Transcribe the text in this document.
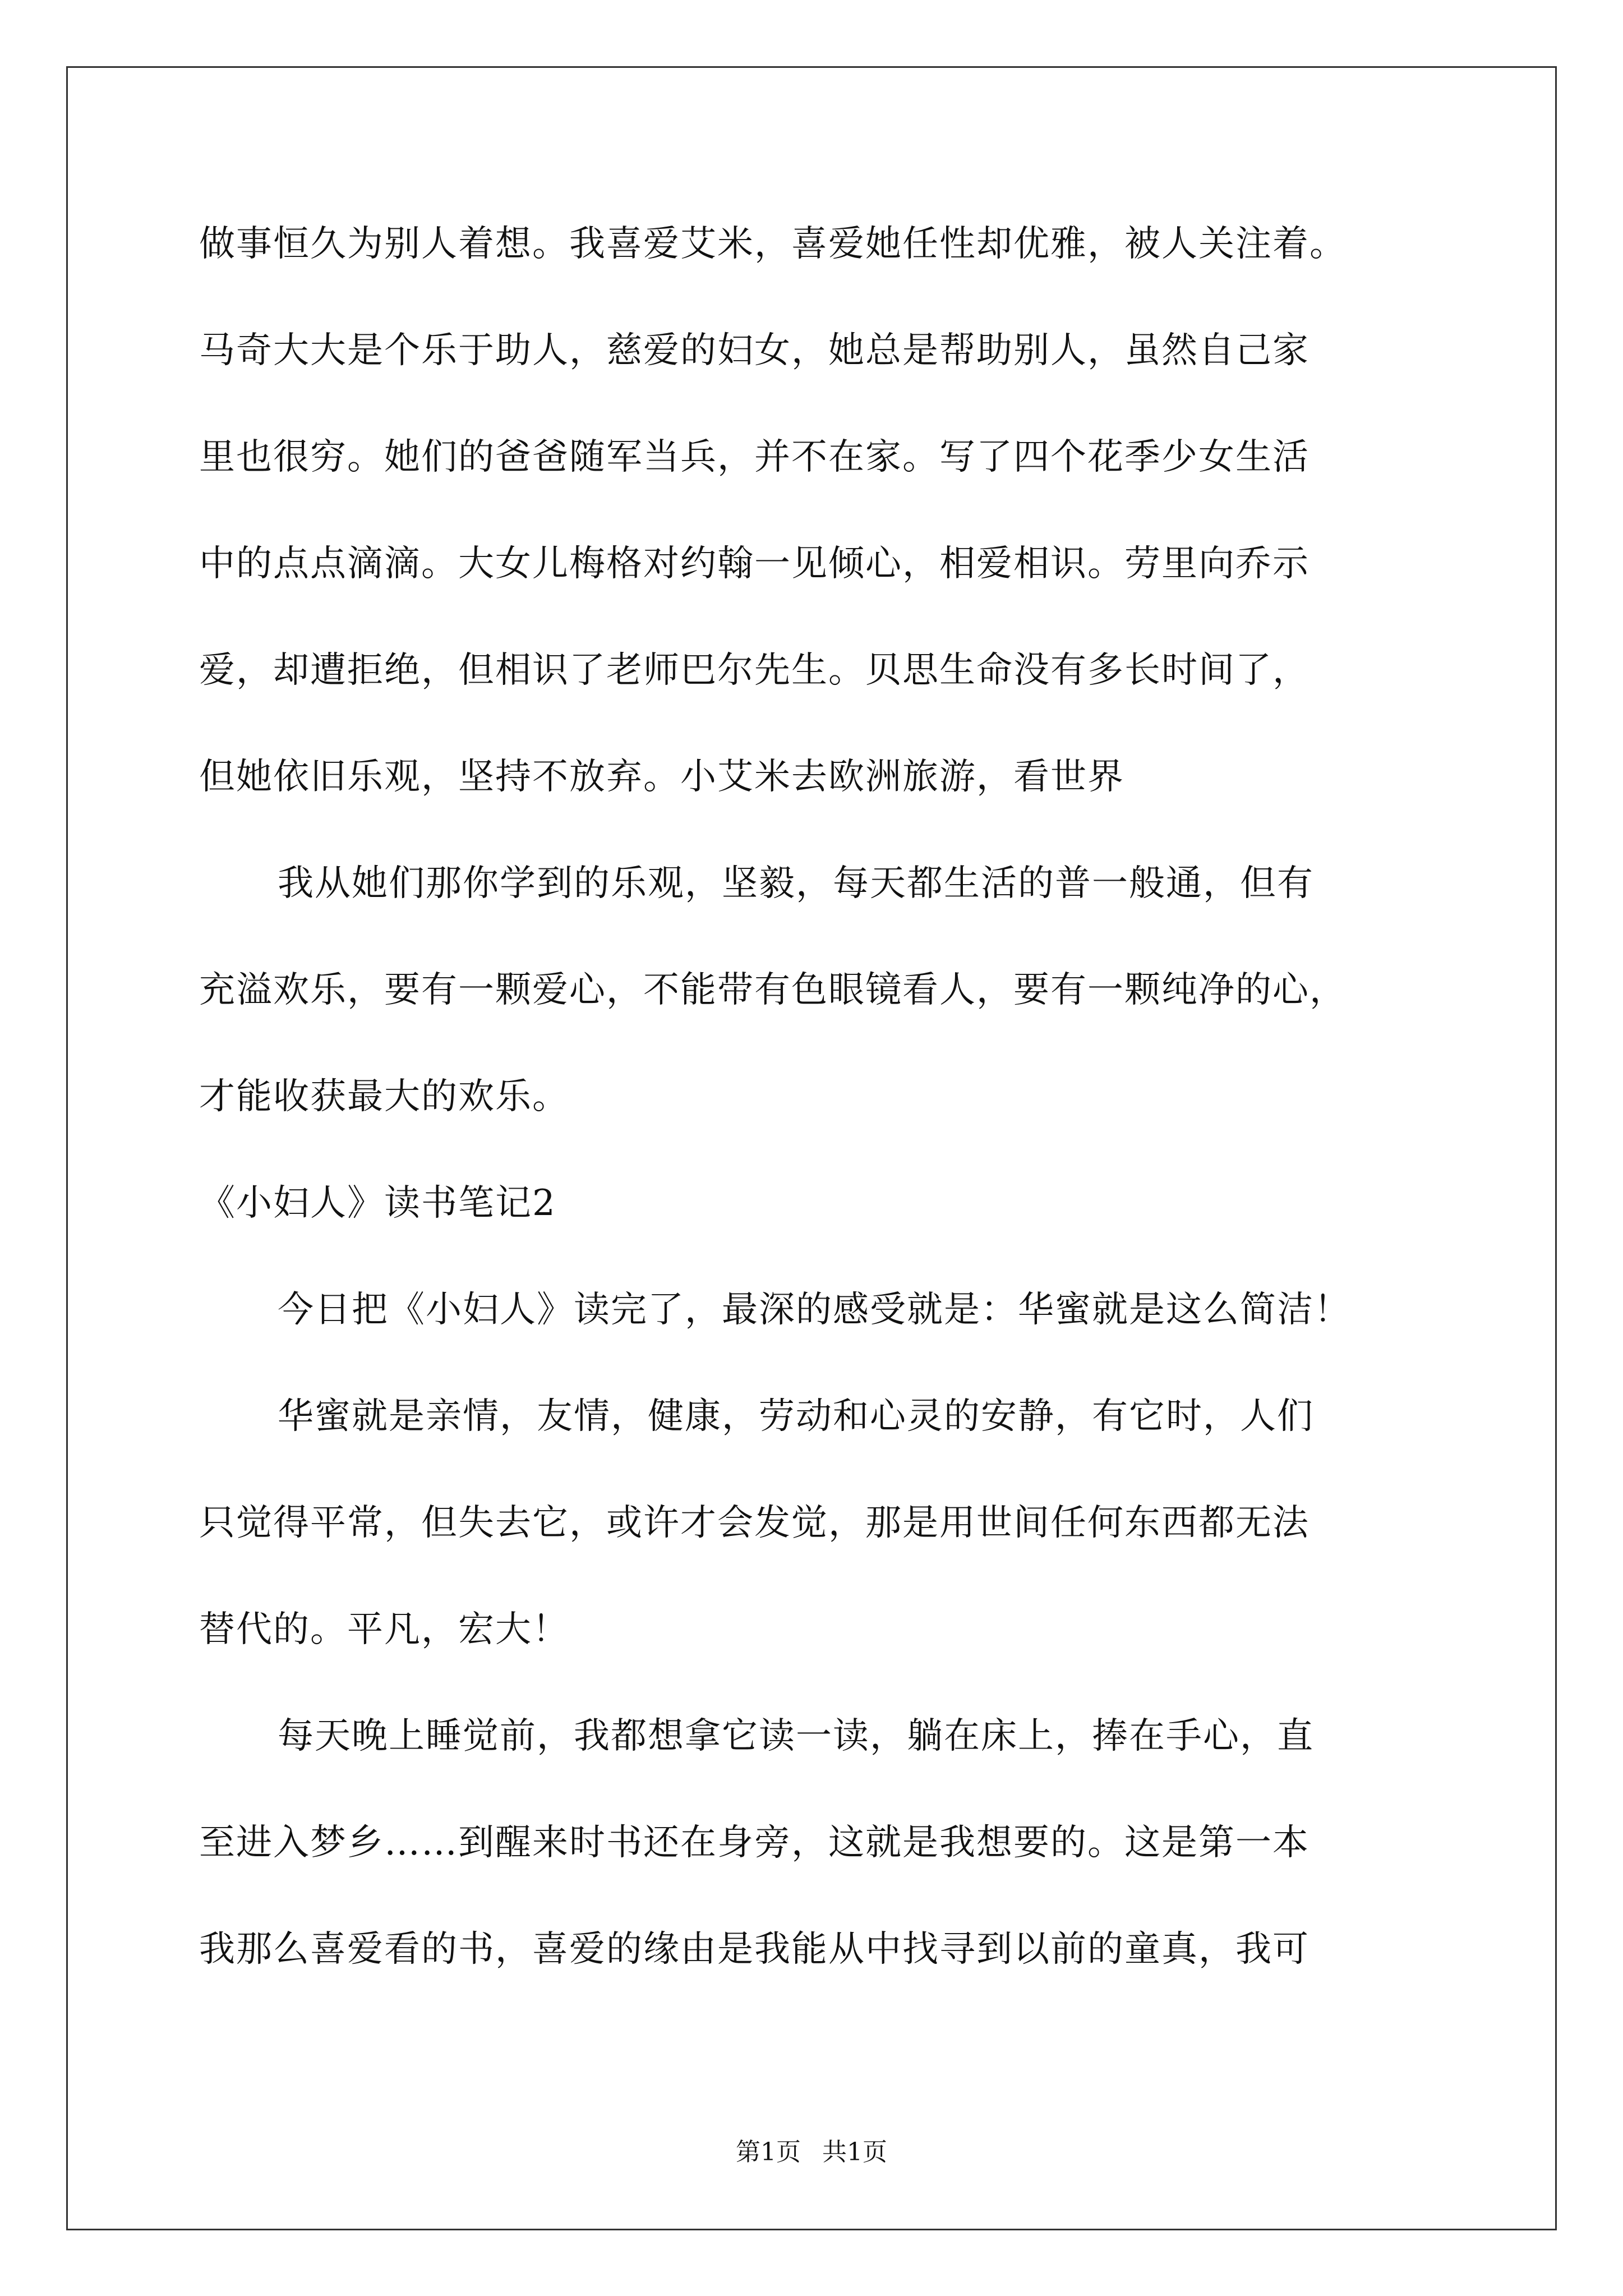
做事恒久为别人着想。我喜爱艾米，喜爱她任性却优雅，被人关注着。
马奇大大是个乐于助人，慈爱的妇女，她总是帮助别人，虽然自己家
里也很穷。她们的爸爸随军当兵，并不在家。写了四个花季少女生活
中的点点滴滴。大女儿梅格对约翰一见倾心，相爱相识。劳里向乔示
爱，却遭拒绝，但相识了老师巴尔先生。贝思生命没有多长时间了，
但她依旧乐观，坚持不放弃。小艾米去欧洲旅游，看世界
我从她们那你学到的乐观，坚毅，每天都生活的普一般通，但有
充溢欢乐，要有一颗爱心，不能带有色眼镜看人，要有一颗纯净的心，
才能收获最大的欢乐。
《小妇人》读书笔记2
今日把《小妇人》读完了，最深的感受就是：华蜜就是这么简洁！
华蜜就是亲情，友情，健康，劳动和心灵的安静，有它时，人们
只觉得平常，但失去它，或许才会发觉，那是用世间任何东西都无法
替代的。平凡，宏大！
每天晚上睡觉前，我都想拿它读一读，躺在床上，捧在手心，直
至进入梦乡……到醒来时书还在身旁，这就是我想要的。这是第一本
我那么喜爱看的书，喜爱的缘由是我能从中找寻到以前的童真，我可
第1页 共1页
